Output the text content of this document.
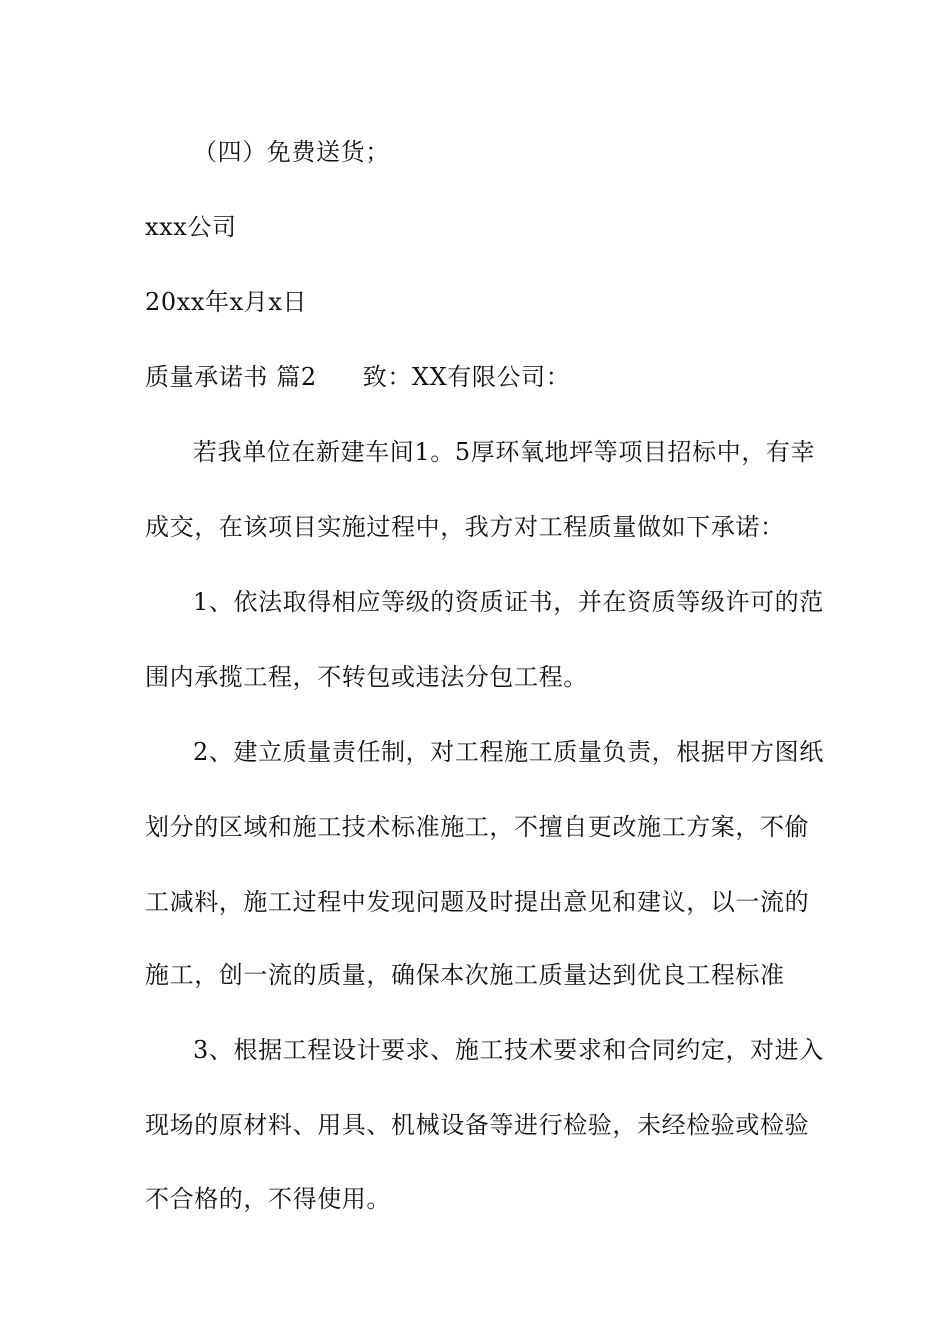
（四）免费送货；
xxx公司
20xx年x月x日
质量承诺书 篇2 致：XX有限公司：
若我单位在新建车间1。5厚环氧地坪等项目招标中，有幸
成交，在该项目实施过程中，我方对工程质量做如下承诺：
1、依法取得相应等级的资质证书，并在资质等级许可的范
围内承揽工程，不转包或违法分包工程。
2、建立质量责任制，对工程施工质量负责，根据甲方图纸
划分的区域和施工技术标准施工，不擅自更改施工方案，不偷
工减料，施工过程中发现问题及时提出意见和建议，以一流的
施工，创一流的质量，确保本次施工质量达到优良工程标准
3、根据工程设计要求、施工技术要求和合同约定，对进入
现场的原材料、用具、机械设备等进行检验，未经检验或检验
不合格的，不得使用。
